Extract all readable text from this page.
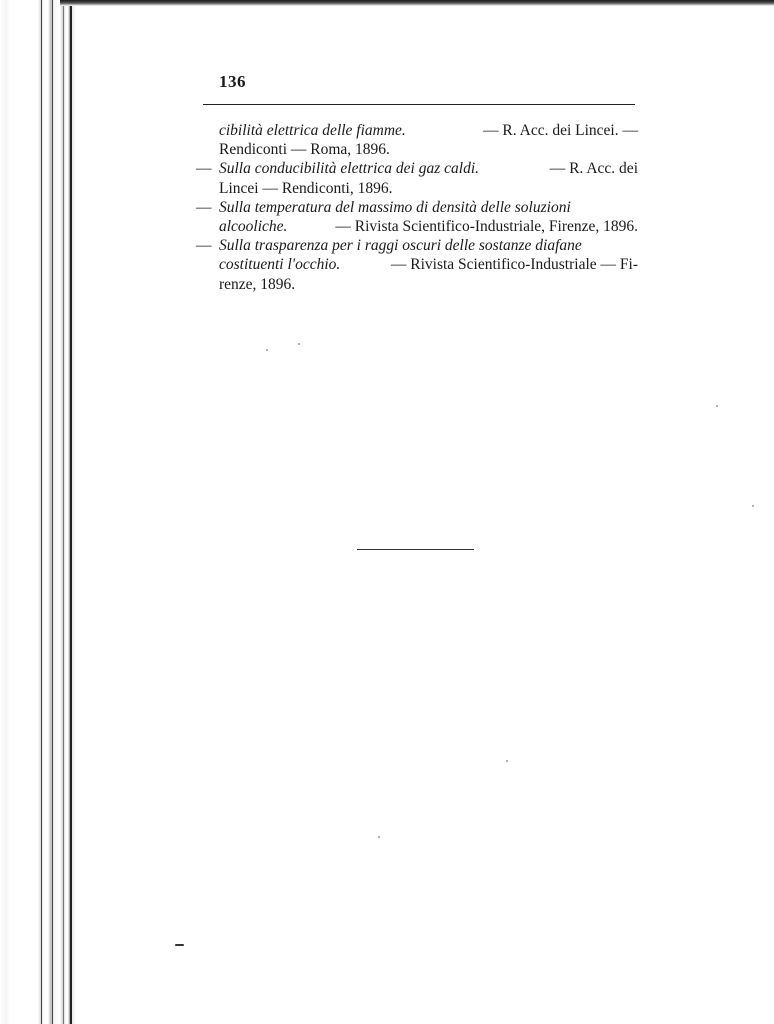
136
cibilità elettrica delle fiamme.	— R. Acc. dei Lincei. —
Rendiconti — Roma, 1896.
— Sulla conducibilità elettrica dei gaz caldi.	— R. Acc. dei
Lincei — Rendiconti, 1896.
— Sulla temperatura del massimo di densità delle soluzioni
alcooliche.	— Rivista Scientifico-Industriale, Firenze, 1896.
— Sulla trasparenza per i raggi oscuri delle sostanze diafane
costituenti l'occhio.	— Rivista Scientifico-Industriale — Fi-
renze, 1896.
